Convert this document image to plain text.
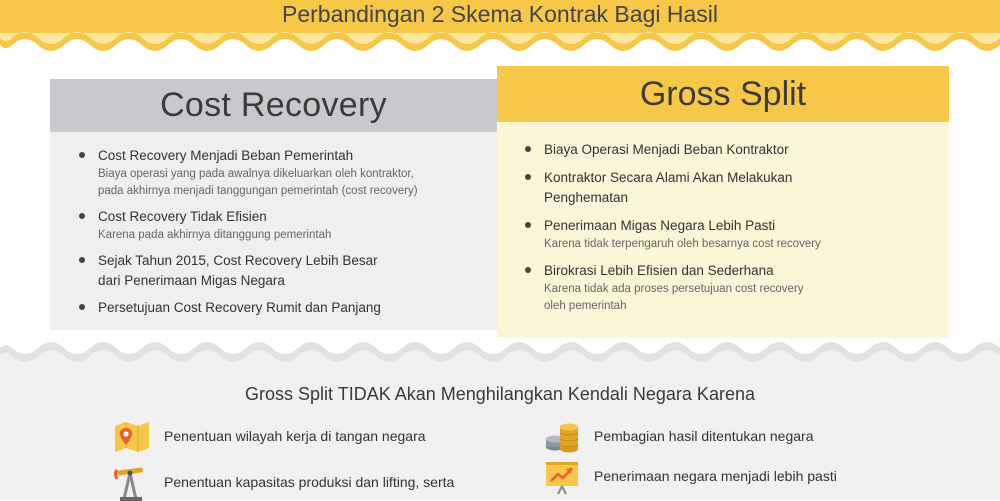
Perbandingan 2 Skema Kontrak Bagi Hasil
Cost Recovery
Cost Recovery Menjadi Beban Pemerintah
Biaya operasi yang pada awalnya dikeluarkan oleh kontraktor,
pada akhirnya menjadi tanggungan pemerintah (cost recovery)
Cost Recovery Tidak Efisien
Karena pada akhirnya ditanggung pemerintah
Sejak Tahun 2015, Cost Recovery Lebih Besar
dari Penerimaan Migas Negara
Persetujuan Cost Recovery Rumit dan Panjang
Gross Split
Biaya Operasi Menjadi Beban Kontraktor
Kontraktor Secara Alami Akan Melakukan
Penghematan
Penerimaan Migas Negara Lebih Pasti
Karena tidak terpengaruh oleh besarnya cost recovery
Birokrasi Lebih Efisien dan Sederhana
Karena tidak ada proses persetujuan cost recovery
oleh pemerintah
Gross Split TIDAK Akan Menghilangkan Kendali Negara Karena
Penentuan wilayah kerja di tangan negara	Pembagian hasil ditentukan negara
Penentuan kapasitas produksi dan lifting, serta	Penerimaan negara menjadi lebih pasti
